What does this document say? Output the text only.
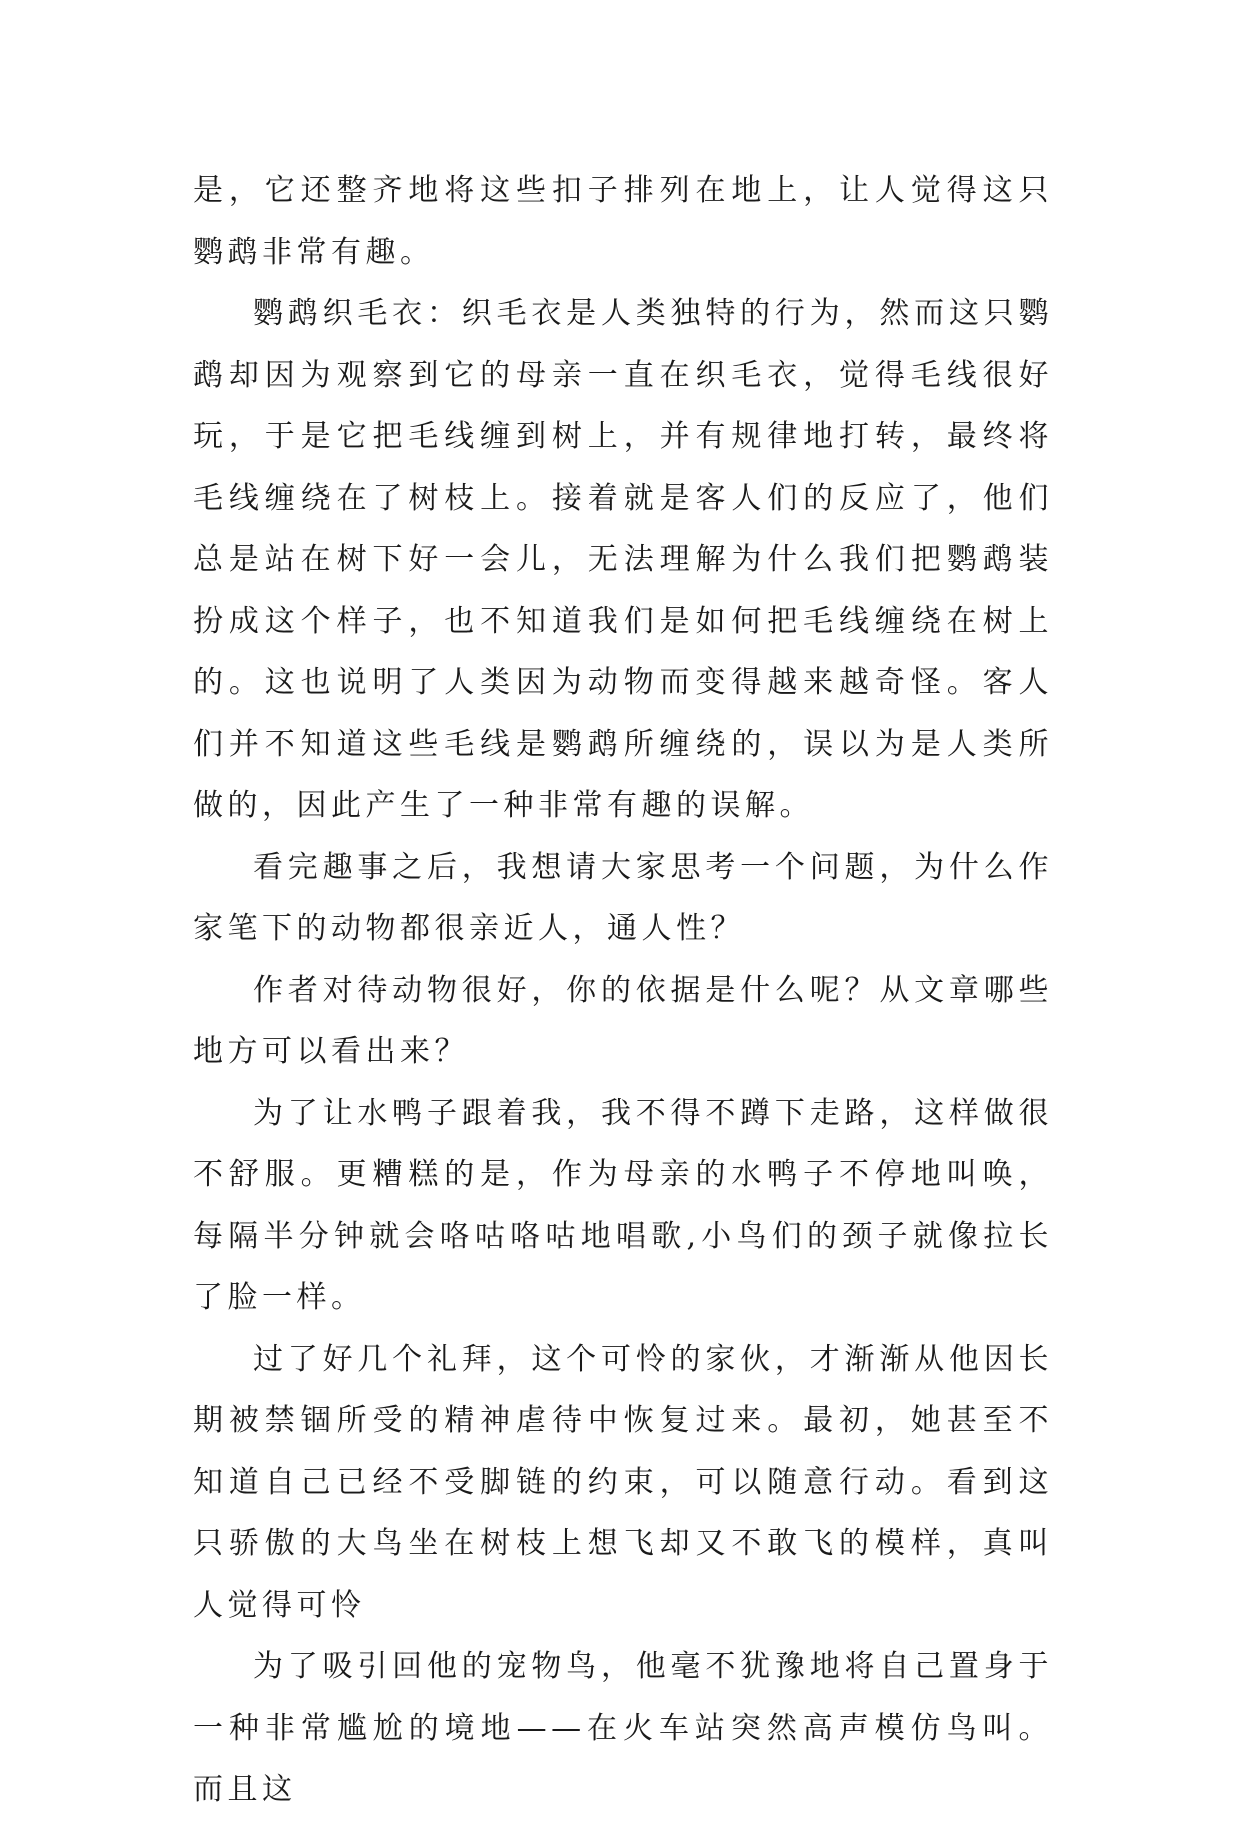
是，它还整齐地将这些扣子排列在地上，让人觉得这只鹦鹉非常有趣。

鹦鹉织毛衣：织毛衣是人类独特的行为，然而这只鹦鹉却因为观察到它的母亲一直在织毛衣，觉得毛线很好玩，于是它把毛线缠到树上，并有规律地打转，最终将毛线缠绕在了树枝上。接着就是客人们的反应了，他们总是站在树下好一会儿，无法理解为什么我们把鹦鹉装扮成这个样子，也不知道我们是如何把毛线缠绕在树上的。这也说明了人类因为动物而变得越来越奇怪。客人们并不知道这些毛线是鹦鹉所缠绕的，误以为是人类所做的，因此产生了一种非常有趣的误解。

看完趣事之后，我想请大家思考一个问题，为什么作家笔下的动物都很亲近人，通人性？

作者对待动物很好，你的依据是什么呢？从文章哪些地方可以看出来？

为了让水鸭子跟着我，我不得不蹲下走路，这样做很不舒服。更糟糕的是，作为母亲的水鸭子不停地叫唤，每隔半分钟就会咯咕咯咕地唱歌,小鸟们的颈子就像拉长了脸一样。

过了好几个礼拜，这个可怜的家伙，才渐渐从他因长期被禁锢所受的精神虐待中恢复过来。最初，她甚至不知道自己已经不受脚链的约束，可以随意行动。看到这只骄傲的大鸟坐在树枝上想飞却又不敢飞的模样，真叫人觉得可怜

为了吸引回他的宠物鸟，他毫不犹豫地将自己置身于一种非常尴尬的境地——在火车站突然高声模仿鸟叫。而且这
